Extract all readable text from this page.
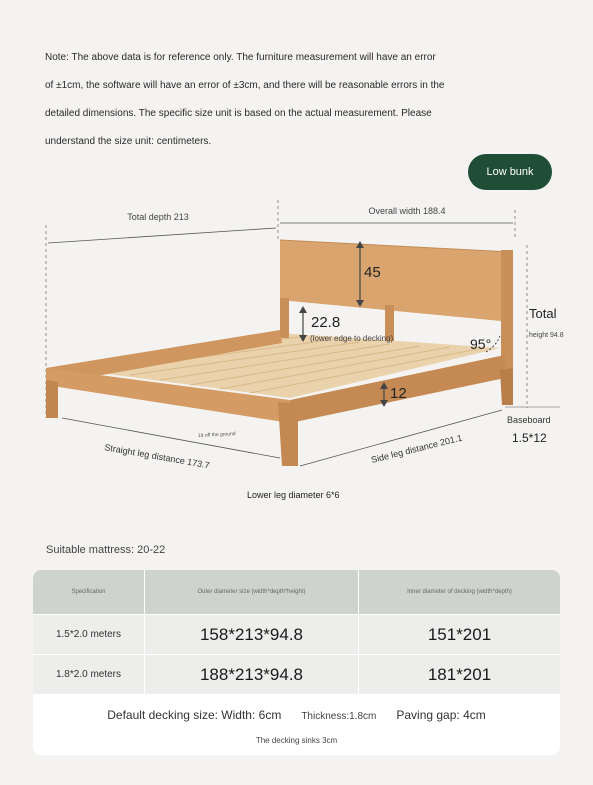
Note: The above data is for reference only. The furniture measurement will have an error
of ±1cm, the software will have an error of ±3cm, and there will be reasonable errors in the
detailed dimensions. The specific size unit is based on the actual measurement. Please
understand the size unit: centimeters.
Low bunk
Total depth 213
Overall width 188.4
45
22.8
(lower edge to decking)	95°
Total
height 94.8
12
Baseboard
1.5*12
19 off the ground
Straight leg distance 173.7	Side leg distance 201.1
Lower leg diameter 6*6
Suitable mattress: 20-22
Specification	Outer diameter size (width*depth*height)	Inner diameter of decking (width*depth)
1.5*2.0 meters	158*213*94.8	151*201
1.8*2.0 meters	188*213*94.8	181*201
Default decking size: Width: 6cm Thickness:1.8cm Paving gap: 4cm
The decking sinks 3cm
